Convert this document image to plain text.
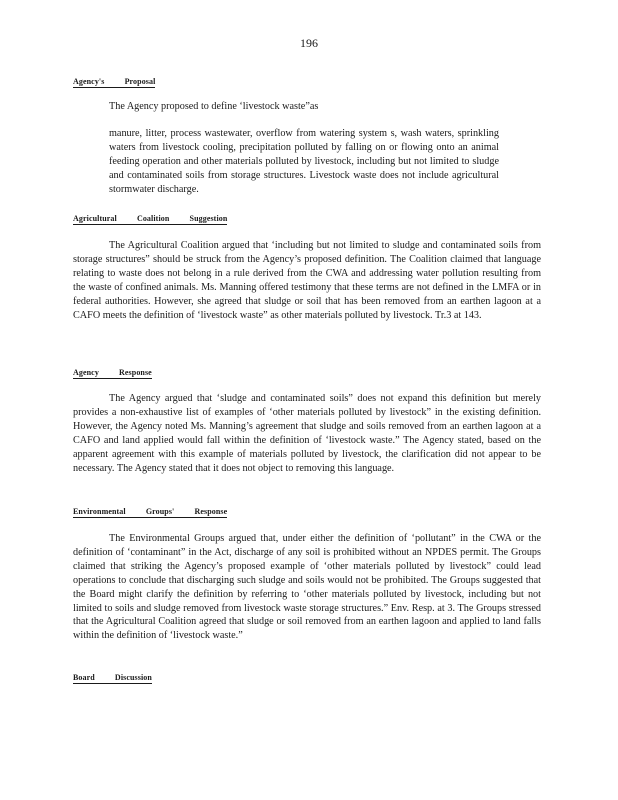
196
Agency's Proposal
The Agency proposed to define ‘livestock waste”as

manure, litter, process wastewater, overflow from watering system s, wash waters, sprinkling waters from livestock cooling, precipitation polluted by falling on or flowing onto an animal feeding operation and other materials polluted by livestock, including but not limited to sludge and contaminated soils from storage structures. Livestock waste does not include agricultural stormwater discharge.

Agricultural Coalition Suggestion

The Agricultural Coalition argued that ‘including but not limited to sludge and contaminated soils from storage structures” should be struck from the Agency’s proposed definition. The Coalition claimed that language relating to waste does not belong in a rule derived from the CWA and addressing water pollution resulting from the waste of confined animals. Ms. Manning offered testimony that these terms are not defined in the LMFA or in federal authorities. However, she agreed that sludge or soil that has been removed from an earthen lagoon at a CAFO meets the definition of ‘livestock waste” as other materials polluted by livestock. Tr.3 at 143.

Agency Response

The Agency argued that ‘sludge and contaminated soils” does not expand this definition but merely provides a non-exhaustive list of examples of ‘other materials polluted by livestock” in the existing definition. However, the Agency noted Ms. Manning’s agreement that sludge and soils removed from an earthen lagoon at a CAFO and land applied would fall within the definition of ‘livestock waste.” The Agency stated, based on the apparent agreement with this example of materials polluted by livestock, the clarification did not appear to be necessary. The Agency stated that it does not object to removing this language.

Environmental Groups' Response

The Environmental Groups argued that, under either the definition of ‘pollutant” in the CWA or the definition of ‘contaminant” in the Act, discharge of any soil is prohibited without an NPDES permit. The Groups claimed that striking the Agency’s proposed example of ‘other materials polluted by livestock” could lead operations to conclude that discharging such sludge and soils would not be prohibited. The Groups suggested that the Board might clarify the definition by referring to ‘other materials polluted by livestock, including but not limited to soils and sludge removed from livestock waste storage structures.” Env. Resp. at 3. The Groups stressed that the Agricultural Coalition agreed that sludge or soil removed from an earthen lagoon and applied to land falls within the definition of ‘livestock waste.”

Board Discussion
